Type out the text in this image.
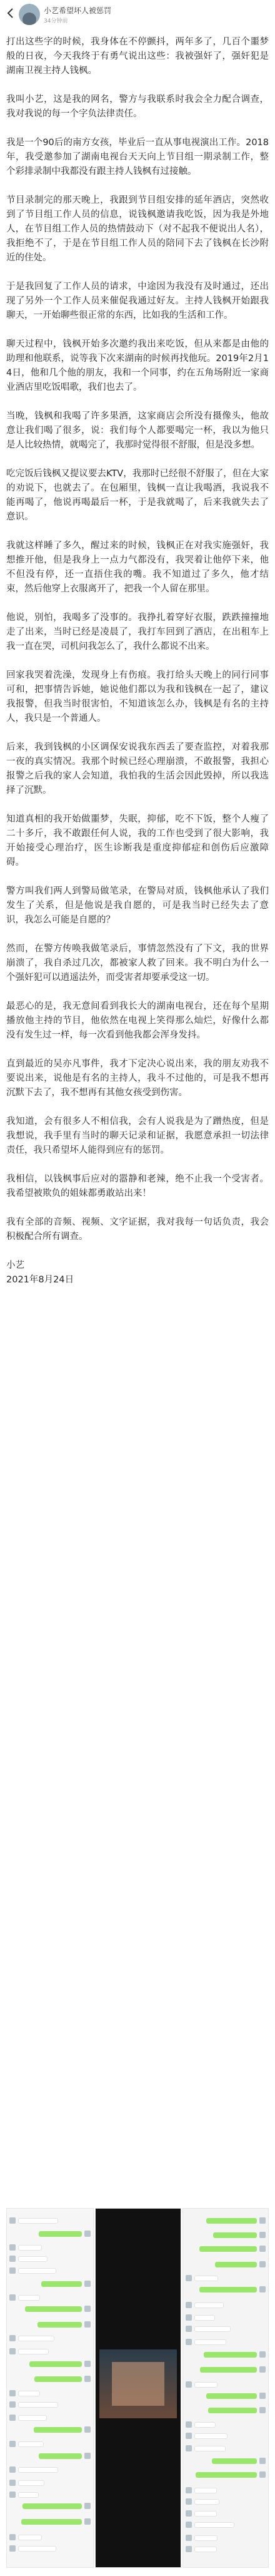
小艺希望坏人被惩罚
34分钟前

打出这些字的时候，我身体在不停颤抖，两年多了，几百个噩梦般的日夜，今天我终于有勇气说出这些：我被强奸了，强奸犯是湖南卫视主持人钱枫。

我叫小艺，这是我的网名，警方与我联系时我会全力配合调查，我对我说的每一个字负法律责任。

我是一个90后的南方女孩，毕业后一直从事电视演出工作。2018年，我受邀参加了湖南电视台天天向上节目组一期录制工作，整个彩排录制中我都没有跟主持人钱枫有过接触。

节目录制完的那天晚上，我跟到节目组安排的延年酒店，突然收到了节目组工作人员的信息，说钱枫邀请我吃饭，因为我是外地人，在节目组工作人员的热情鼓动下（对不起我不便说出人名），我拒绝不了，于是在节目组工作人员的陪同下去了钱枫在长沙附近的住处。

于是我回复了工作人员的请求，中途因为我没有及时通过，还出现了另外一个工作人员来催促我通过好友。主持人钱枫开始跟我聊天，一开始聊些很正常的东西，比如我的生活和工作。

聊天过程中，钱枫开始多次邀约我出来吃饭，但从来都是由他的助理和他联系，说等我下次来湖南的时候再找他玩。2019年2月14日，他和几个他的朋友，我和一个同事，约在五角场附近一家商业酒店里吃饭唱歌，我们也去了。

当晚，钱枫和我喝了许多果酒，这家商店会所没有摄像头，他故意让我们喝了很多，说：我们每个人都要喝完一杯，我以为他只是人比较热情，就喝完了，我那时觉得很不舒服，但是没多想。

吃完饭后钱枫又提议要去KTV，我那时已经很不舒服了，但在大家的劝说下，也就去了。在包厢里，钱枫一直让我喝酒，我说我不能再喝了，他说再喝最后一杯，于是我就喝了，后来我就失去了意识。

我就这样睡了多久，醒过来的时候，钱枫正在对我实施强奸，我想推开他，但是我身上一点力气都没有，我哭着让他停下来，他不但没有停，还一直捂住我的嘴。我不知道过了多久，他才结束，然后他穿上衣服离开了，把我一个人留在那里。

他说，别怕，我喝多了没事的。我挣扎着穿好衣服，跌跌撞撞地走了出来，当时已经是凌晨了，我打车回到了酒店，在出租车上我一直在哭，司机问我怎么了，我什么都说不出来。

回家我哭着洗澡，发现身上有伤痕。我打给头天晚上的同行同事可和，把事情告诉她，她说他们都以为我和钱枫在一起了，建议我报警，但我当时很害怕，不知道该怎么办，钱枫是有名的主持人，我只是一个普通人。

后来，我到钱枫的小区调保安说我东西丢了要查监控，对着我那一夜的真实情况。我那个时候已经心理崩溃，不敢报警，我担心报警之后我的家人会知道，我怕我的生活会因此毁掉，所以我选择了沉默。

知道真相的我开始做噩梦，失眠，抑郁，吃不下饭，整个人瘦了二十多斤，我不敢跟任何人说，我的工作也受到了很大影响，我开始接受心理治疗，医生诊断我是重度抑郁症和创伤后应激障碍。

警方叫我们两人到警局做笔录，在警局对质，钱枫他承认了我们发生了关系，但是他说是我自愿的，可是我当时已经失去了意识，我怎么可能是自愿的？

然而，在警方传唤我做笔录后，事情忽然没有了下文，我的世界崩溃了，我自杀过几次，都被家人救了回来。我不明白为什么一个强奸犯可以逍遥法外，而受害者却要承受这一切。

最恶心的是，我无意间看到我长大的湖南电视台，还在每个星期播放他主持的节目，他依然在电视上笑得那么灿烂，好像什么都没有发生过一样，每一次看到他我都会浑身发抖。

直到最近的吴亦凡事件，我才下定决心说出来，我的朋友劝我不要说出来，说他是有名的主持人，我斗不过他的，可是我不想再沉默下去了，我不想再有其他女孩受到伤害。

我知道，会有很多人不相信我，会有人说我是为了蹭热度，但是我想说，我手里有当时的聊天记录和证据，我愿意承担一切法律责任，我只希望坏人能得到应有的惩罚。

我相信，以钱枫事后应对的嚣静和老辣，绝不止我一个受害者。我希望被欺负的姐妹都勇敢站出来！

我有全部的音频、视频、文字证据，我对我每一句话负责，我会积极配合所有调查。

小艺
2021年8月24日
